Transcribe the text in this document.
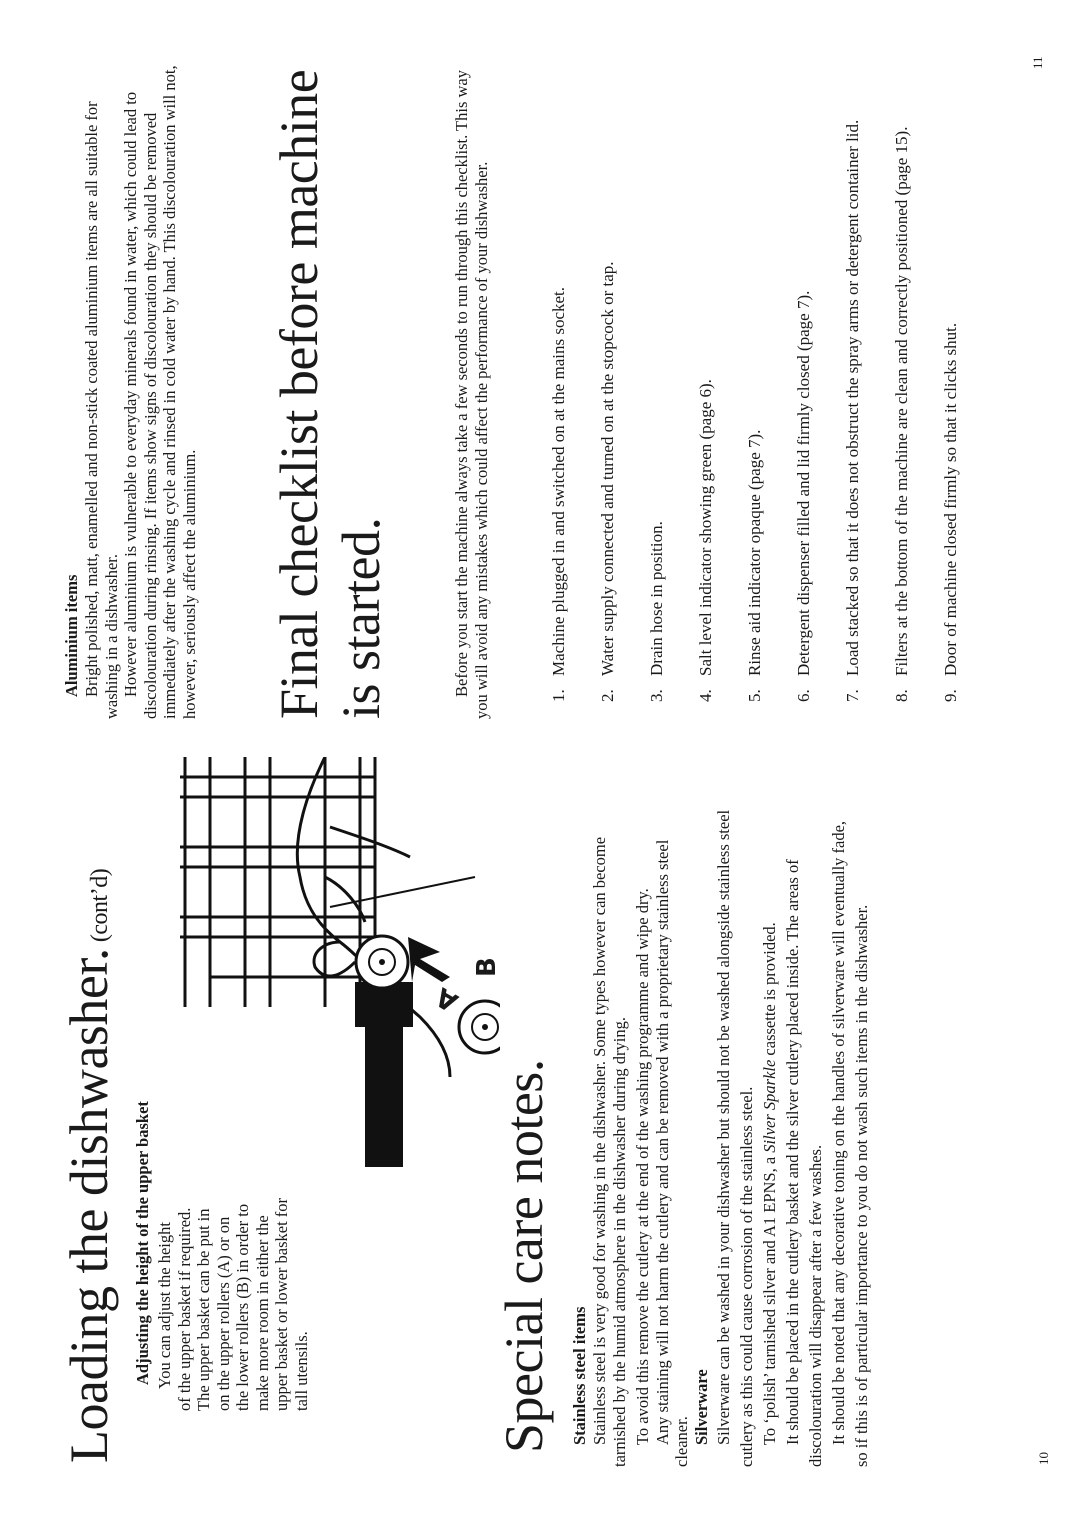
Loading the dishwasher.(cont’d)
Adjusting the height of the upper basket You can adjust the height of the upper basket if required. The upper basket can be put in on the upper rollers (A) or on the lower rollers (B) in order to make more room in either the upper basket or lower basket for tall utensils.

A
B
Special care notes. Stainless steel items Stainless steel is very good for washing in the dishwasher. Some types however can become tarnished by the humid atmosphere in the dishwasher during drying. To avoid this remove the cutlery at the end of the washing programme and wipe dry. Any staining will not harm the cutlery and can be removed with a proprietary stainless steel cleaner. Silverware Silverware can be washed in your dishwasher but should not be washed alongside stainless steel cutlery as this could cause corrosion of the stainless steel. To ‘polish’ tarnished silver and A1 EPNS, a Silver Sparkle cassette is provided. It should be placed in the cutlery basket and the silver cutlery placed inside. The areas of discolouration will disappear after a few washes. It should be noted that any decorative toning on the handles of silverware will eventually fade, so if this is of particular importance to you do not wash such items in the dishwasher.	10

Aluminium items Bright polished, matt, enamelled and non-stick coated aluminium items are all suitable for washing in a dishwasher. However aluminium is vulnerable to everyday minerals found in water, which could lead to discolouration during rinsing. If items show signs of discolouration they should be removed immediately after the washing cycle and rinsed in cold water by hand. This discolouration will not, however, seriously affect the aluminium. Final checklist before machine is started.	Before you start the machine always take a few seconds to run through this checklist. This way you will avoid any mistakes which could affect the performance of your dishwasher.	1.
Machine plugged in and switched on at the mains socket.
2.
Water supply connected and turned on at the stopcock or tap.
3.
Drain hose in position.
4.
Salt level indicator showing green (page 6).
5.
Rinse aid indicator opaque (page 7).
6.
Detergent dispenser filled and lid firmly closed (page 7).
7.
Load stacked so that it does not obstruct the spray arms or detergent container lid.
8.
Filters at the bottom of the machine are clean and correctly positioned (page 15).
9.
Door of machine closed firmly so that it clicks shut.
11
